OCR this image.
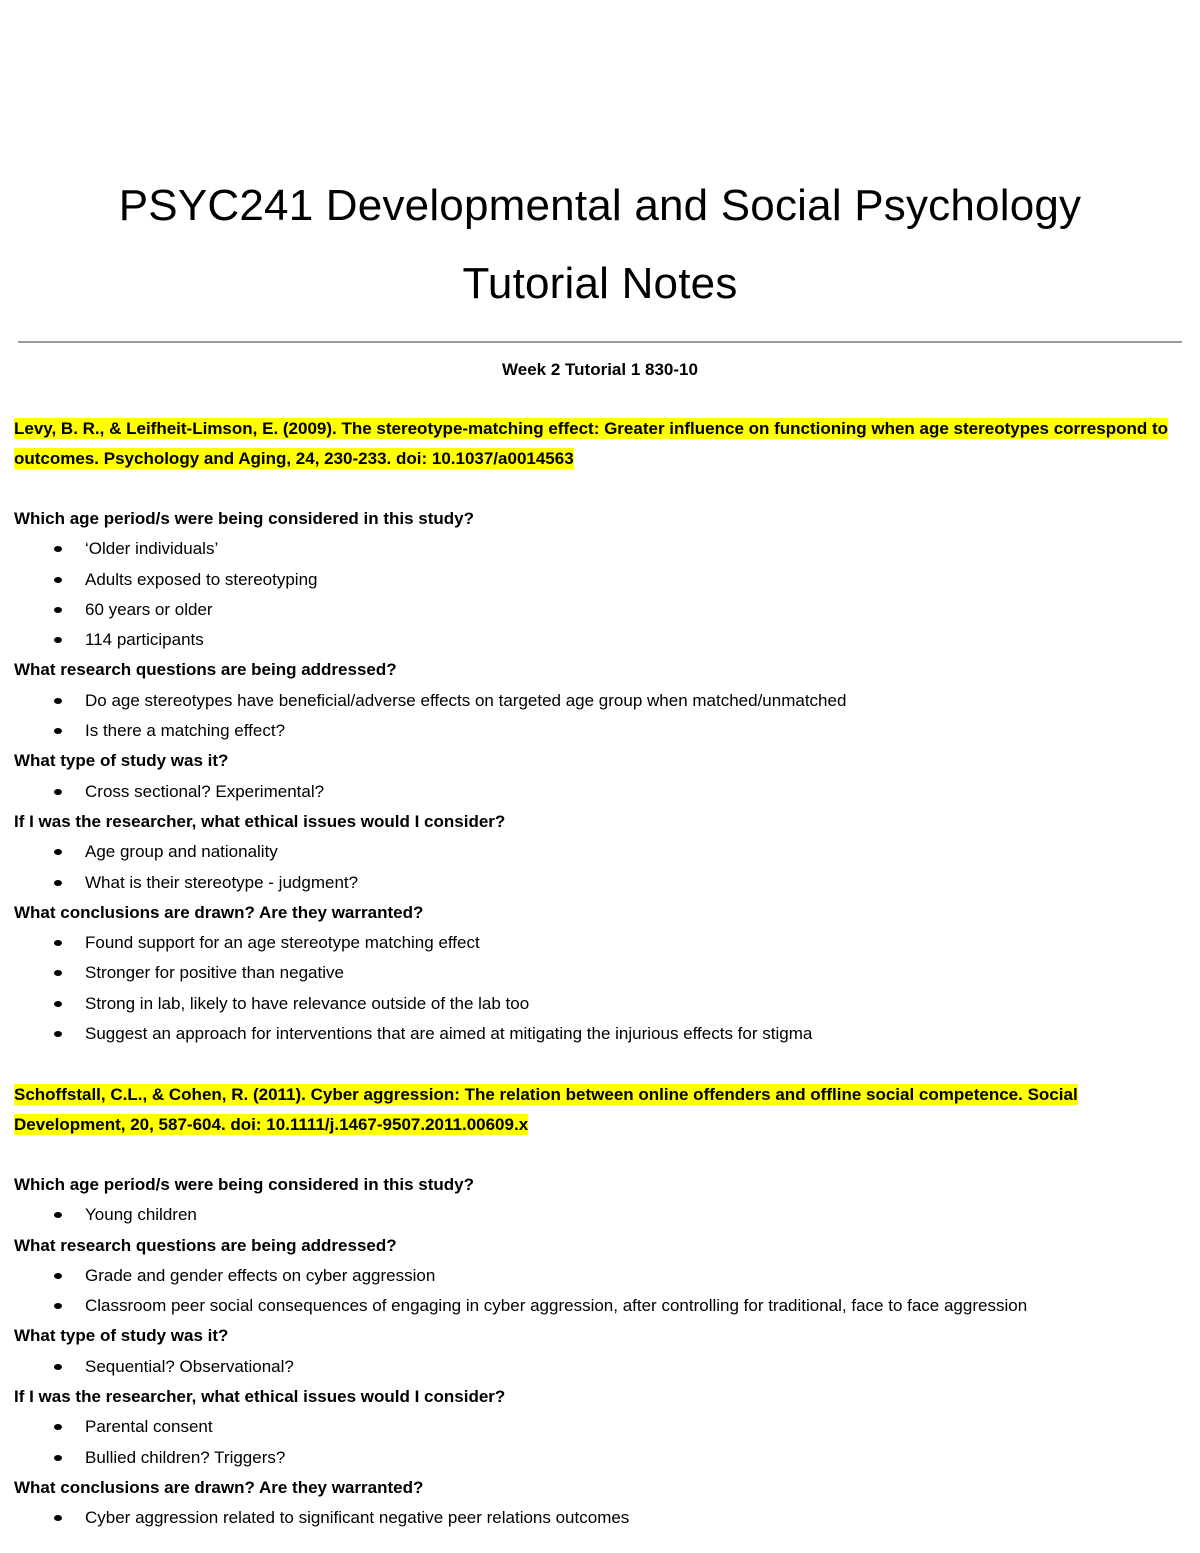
PSYC241 Developmental and Social Psychology
Tutorial Notes
Week 2 Tutorial 1 830-10

Levy, B. R., & Leifheit-Limson, E. (2009). The stereotype-matching effect: Greater influence on functioning when age stereotypes correspond to outcomes. Psychology and Aging, 24, 230-233. doi: 10.1037/a0014563

Which age period/s were being considered in this study?

‘Older individuals’
Adults exposed to stereotyping
60 years or older
114 participants

What research questions are being addressed?

Do age stereotypes have beneficial/adverse effects on targeted age group when matched/unmatched
Is there a matching effect?

What type of study was it?

Cross sectional? Experimental?

If I was the researcher, what ethical issues would I consider?

Age group and nationality
What is their stereotype - judgment?

What conclusions are drawn? Are they warranted?

Found support for an age stereotype matching effect
Stronger for positive than negative
Strong in lab, likely to have relevance outside of the lab too
Suggest an approach for interventions that are aimed at mitigating the injurious effects for stigma

Schoffstall, C.L., & Cohen, R. (2011). Cyber aggression: The relation between online offenders and offline social competence. Social Development, 20, 587-604. doi: 10.1111/j.1467-9507.2011.00609.x

Which age period/s were being considered in this study?

Young children

What research questions are being addressed?

Grade and gender effects on cyber aggression
Classroom peer social consequences of engaging in cyber aggression, after controlling for traditional, face to face aggression

What type of study was it?

Sequential? Observational?

If I was the researcher, what ethical issues would I consider?

Parental consent
Bullied children? Triggers?

What conclusions are drawn? Are they warranted?

Cyber aggression related to significant negative peer relations outcomes
